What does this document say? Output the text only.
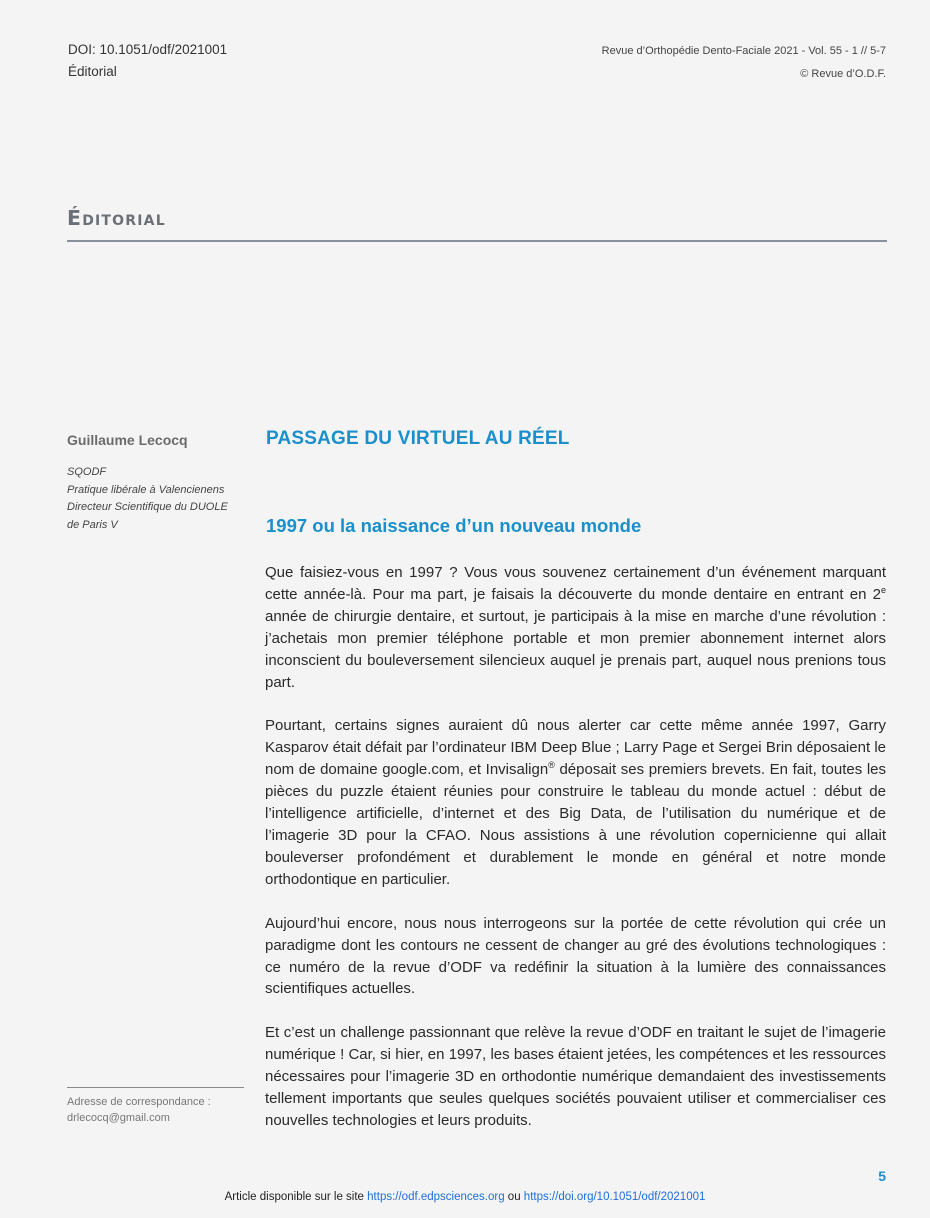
DOI: 10.1051/odf/2021001
Éditorial
Revue d’Orthopédie Dento-Faciale 2021 - Vol. 55 - 1 // 5-7
© Revue d’O.D.F.
Éditorial
Guillaume Lecocq
SQODF
Pratique libérale à Valencienens
Directeur Scientifique du DUOLE
de Paris V
Adresse de correspondance :
drlecocq@gmail.com
PASSAGE DU VIRTUEL AU RÉEL
1997 ou la naissance d’un nouveau monde

Que faisiez-vous en 1997 ? Vous vous souvenez certainement d’un événement marquant cette année-là. Pour ma part, je faisais la découverte du monde dentaire en entrant en 2e année de chirurgie dentaire, et surtout, je participais à la mise en marche d’une révolution : j’achetais mon premier téléphone portable et mon premier abonnement internet alors inconscient du bouleversement silencieux auquel je prenais part, auquel nous prenions tous part.

Pourtant, certains signes auraient dû nous alerter car cette même année 1997, Garry Kasparov était défait par l’ordinateur IBM Deep Blue ; Larry Page et Sergei Brin déposaient le nom de domaine google.com, et Invisalign® déposait ses premiers brevets. En fait, toutes les pièces du puzzle étaient réunies pour construire le tableau du monde actuel : début de l’intelligence artificielle, d’internet et des Big Data, de l’utilisation du numérique et de l’imagerie 3D pour la CFAO. Nous assistions à une révolution copernicienne qui allait bouleverser profondément et durablement le monde en général et notre monde orthodontique en particulier.

Aujourd’hui encore, nous nous interrogeons sur la portée de cette révolution qui crée un paradigme dont les contours ne cessent de changer au gré des évolutions technologiques : ce numéro de la revue d’ODF va redéfinir la situation à la lumière des connaissances scientifiques actuelles.

Et c’est un challenge passionnant que relève la revue d’ODF en traitant le sujet de l’imagerie numérique ! Car, si hier, en 1997, les bases étaient jetées, les compétences et les ressources nécessaires pour l’imagerie 3D en orthodontie numérique demandaient des investissements tellement importants que seules quelques sociétés pouvaient utiliser et commercialiser ces nouvelles technologies et leurs produits.

5
Article disponible sur le site https://odf.edpsciences.org ou https://doi.org/10.1051/odf/2021001
